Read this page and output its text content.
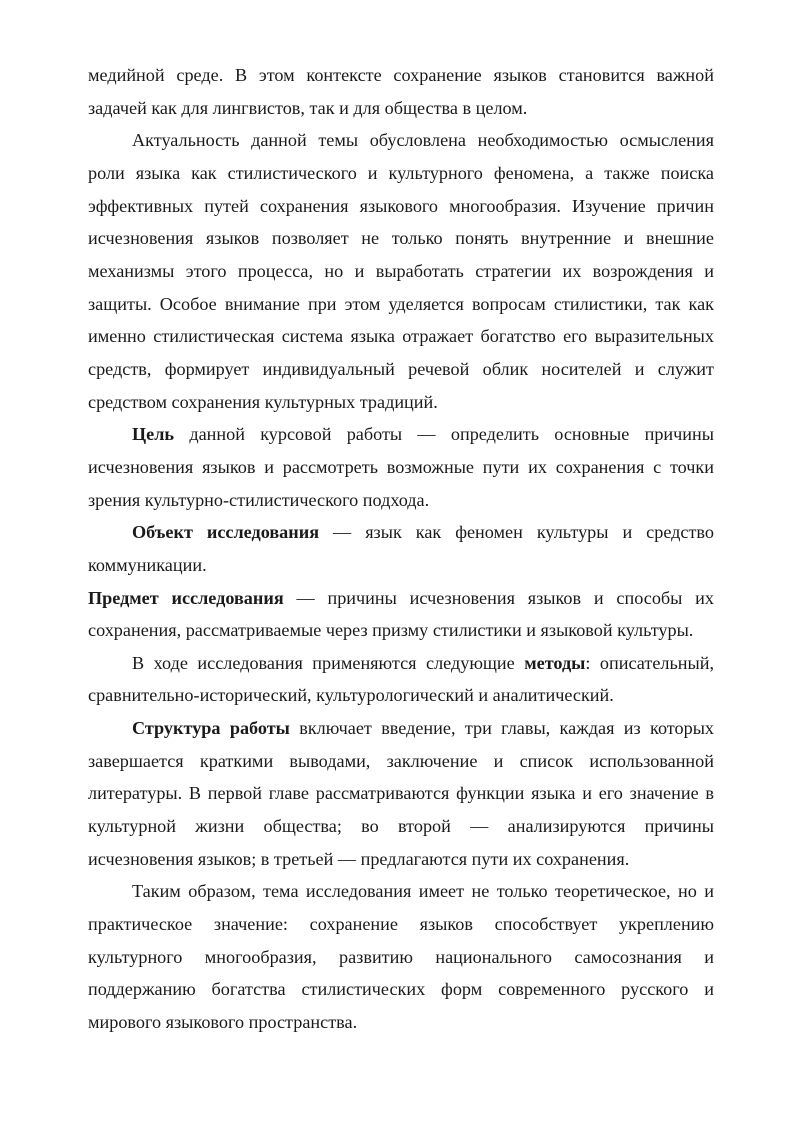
медийной среде. В этом контексте сохранение языков становится важной задачей как для лингвистов, так и для общества в целом.

Актуальность данной темы обусловлена необходимостью осмысления роли языка как стилистического и культурного феномена, а также поиска эффективных путей сохранения языкового многообразия. Изучение причин исчезновения языков позволяет не только понять внутренние и внешние механизмы этого процесса, но и выработать стратегии их возрождения и защиты. Особое внимание при этом уделяется вопросам стилистики, так как именно стилистическая система языка отражает богатство его выразительных средств, формирует индивидуальный речевой облик носителей и служит средством сохранения культурных традиций.

Цель данной курсовой работы — определить основные причины исчезновения языков и рассмотреть возможные пути их сохранения с точки зрения культурно-стилистического подхода.

Объект исследования — язык как феномен культуры и средство коммуникации.

Предмет исследования — причины исчезновения языков и способы их сохранения, рассматриваемые через призму стилистики и языковой культуры.

В ходе исследования применяются следующие методы: описательный, сравнительно-исторический, культурологический и аналитический.

Структура работы включает введение, три главы, каждая из которых завершается краткими выводами, заключение и список использованной литературы. В первой главе рассматриваются функции языка и его значение в культурной жизни общества; во второй — анализируются причины исчезновения языков; в третьей — предлагаются пути их сохранения.

Таким образом, тема исследования имеет не только теоретическое, но и практическое значение: сохранение языков способствует укреплению культурного многообразия, развитию национального самосознания и поддержанию богатства стилистических форм современного русского и мирового языкового пространства.
